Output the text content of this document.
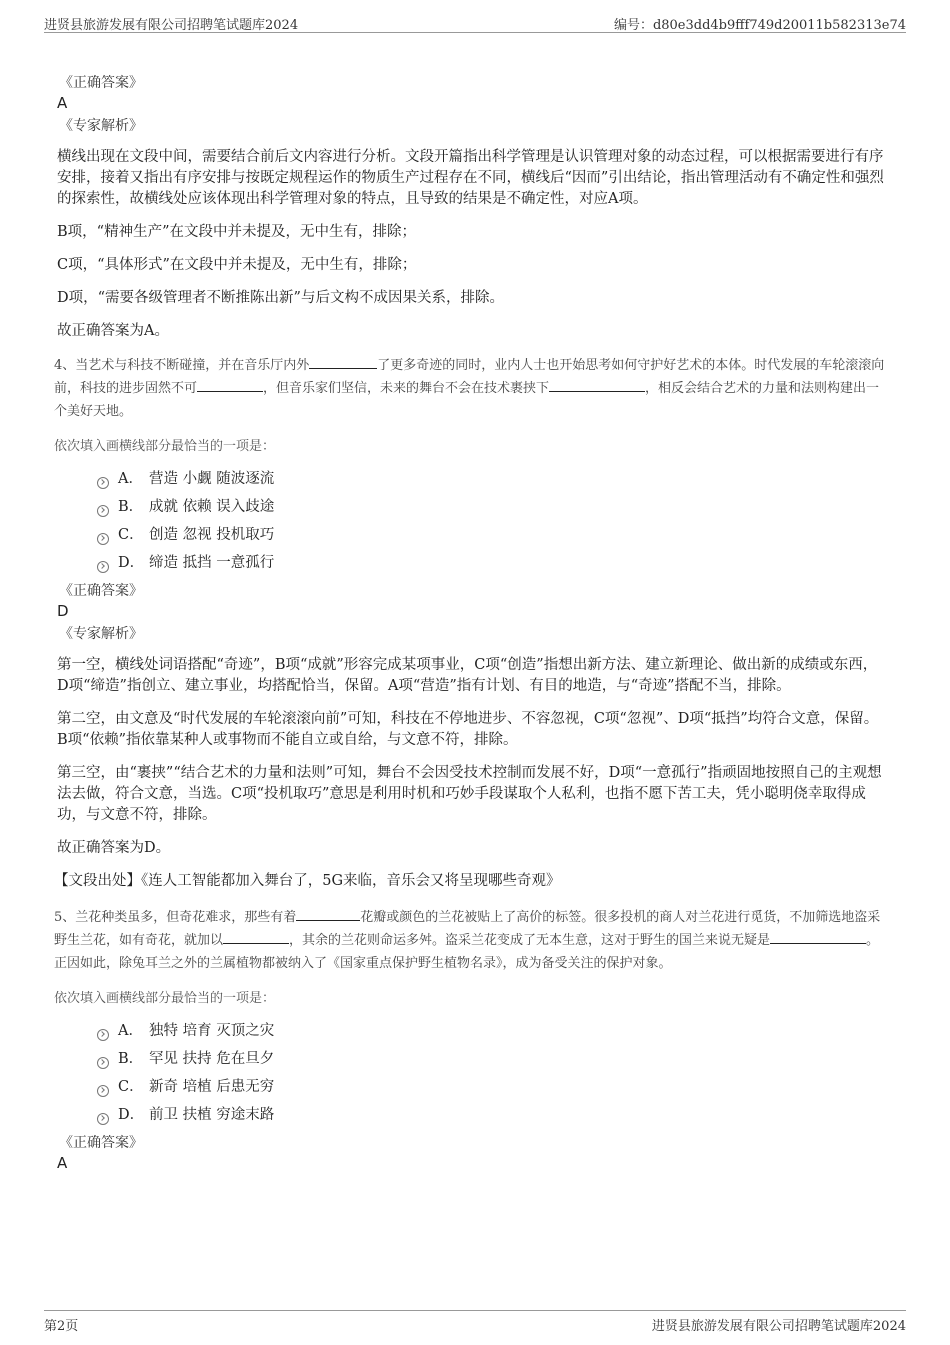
进贤县旅游发展有限公司招聘笔试题库2024	编号：d80e3dd4b9fff749d20011b582313e74
《正确答案》
A
《专家解析》

横线出现在文段中间，需要结合前后文内容进行分析。文段开篇指出科学管理是认识管理对象的动态过程，可以根据需要进行有序安排，接着又指出有序安排与按既定规程运作的物质生产过程存在不同，横线后“因而”引出结论，指出管理活动有不确定性和强烈的探索性，故横线处应该体现出科学管理对象的特点，且导致的结果是不确定性，对应A项。

B项，“精神生产”在文段中并未提及，无中生有，排除；

C项，“具体形式”在文段中并未提及，无中生有，排除；

D项，“需要各级管理者不断推陈出新”与后文构不成因果关系，排除。

故正确答案为A。

4、当艺术与科技不断碰撞，并在音乐厅内外	了更多奇迹的同时，业内人士也开始思考如何守护好艺术的本体。时代发展的车轮滚滚向前，科技的进步固然不可	，但音乐家们坚信，未来的舞台不会在技术裹挟下	，相反会结合艺术的力量和法则构建出一个美好天地。

依次填入画横线部分最恰当的一项是：
A． 营造 小觑 随波逐流
B． 成就 依赖 误入歧途
C． 创造 忽视 投机取巧
D． 缔造 抵挡 一意孤行
《正确答案》
D
《专家解析》

第一空，横线处词语搭配“奇迹”，B项“成就”形容完成某项事业，C项“创造”指想出新方法、建立新理论、做出新的成绩或东西，D项“缔造”指创立、建立事业，均搭配恰当，保留。A项“营造”指有计划、有目的地造，与“奇迹”搭配不当，排除。

第二空，由文意及“时代发展的车轮滚滚向前”可知，科技在不停地进步、不容忽视，C项“忽视”、D项“抵挡”均符合文意，保留。B项“依赖”指依靠某种人或事物而不能自立或自给，与文意不符，排除。

第三空，由“裹挟”“结合艺术的力量和法则”可知，舞台不会因受技术控制而发展不好，D项“一意孤行”指顽固地按照自己的主观想法去做，符合文意，当选。C项“投机取巧”意思是利用时机和巧妙手段谋取个人私利，也指不愿下苦工夫，凭小聪明侥幸取得成功，与文意不符，排除。

故正确答案为D。

【文段出处】《连人工智能都加入舞台了，5G来临，音乐会又将呈现哪些奇观》

5、兰花种类虽多，但奇花难求，那些有着	花瓣或颜色的兰花被贴上了高价的标签。很多投机的商人对兰花进行觅货，不加筛选地盗采野生兰花，如有奇花，就加以	，其余的兰花则命运多舛。盗采兰花变成了无本生意，这对于野生的国兰来说无疑是	。正因如此，除兔耳兰之外的兰属植物都被纳入了《国家重点保护野生植物名录》，成为备受关注的保护对象。

依次填入画横线部分最恰当的一项是：
A． 独特 培育 灭顶之灾
B． 罕见 扶持 危在旦夕
C． 新奇 培植 后患无穷
D． 前卫 扶植 穷途末路
《正确答案》
A
第2页	进贤县旅游发展有限公司招聘笔试题库2024
